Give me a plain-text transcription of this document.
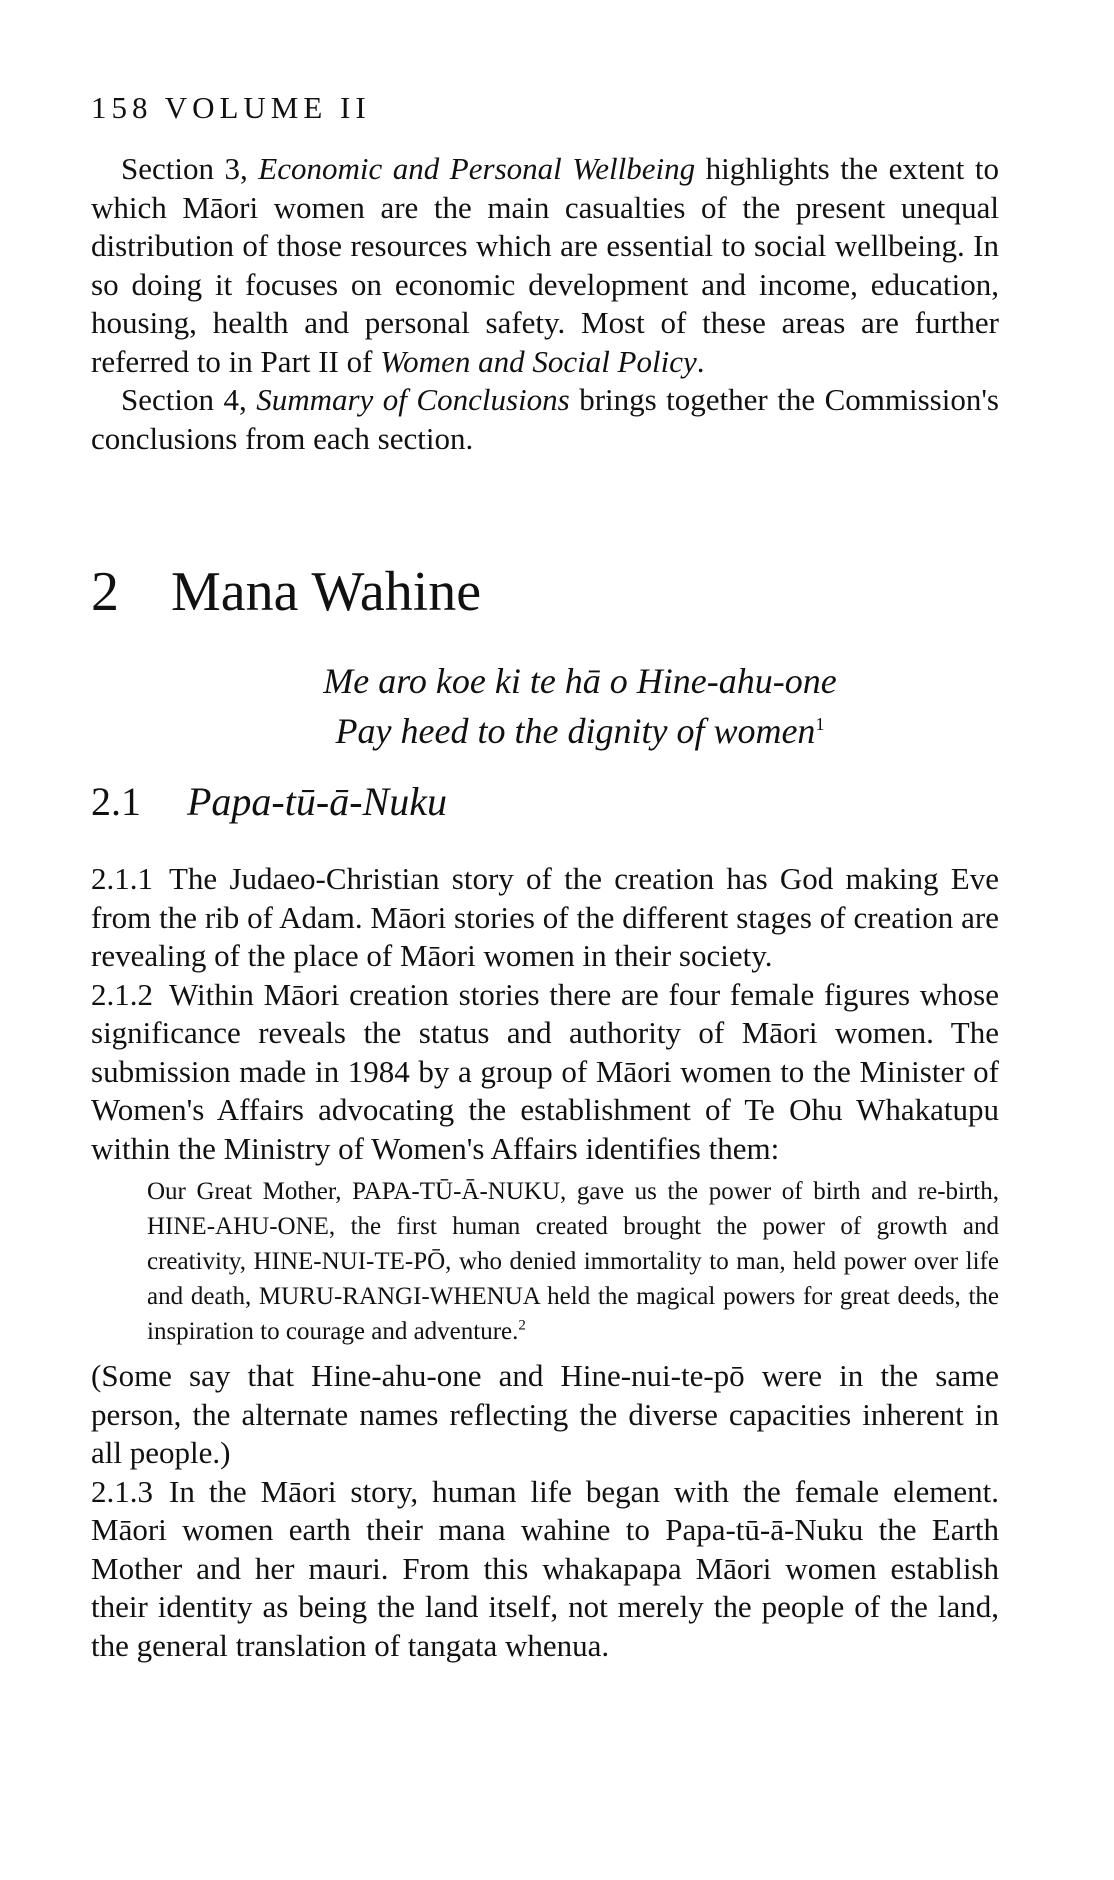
158 VOLUME II

Section 3, Economic and Personal Wellbeing highlights the extent to which Māori women are the main casualties of the present unequal distribution of those resources which are essential to social wellbeing. In so doing it focuses on economic development and income, education, housing, health and personal safety. Most of these areas are further referred to in Part II of Women and Social Policy.

Section 4, Summary of Conclusions brings together the Commission's conclusions from each section.

2 Mana Wahine
Me aro koe ki te hā o Hine-ahu-one
Pay heed to the dignity of women$^1$
2.1 Papa-tū-ā-Nuku

2.1.1 The Judaeo-Christian story of the creation has God making Eve from the rib of Adam. Māori stories of the different stages of creation are revealing of the place of Māori women in their society.

2.1.2 Within Māori creation stories there are four female figures whose significance reveals the status and authority of Māori women. The submission made in 1984 by a group of Māori women to the Minister of Women's Affairs advocating the establishment of Te Ohu Whakatupu within the Ministry of Women's Affairs identifies them:

Our Great Mother, PAPA-TŪ-Ā-NUKU, gave us the power of birth and re-birth, HINE-AHU-ONE, the first human created brought the power of growth and creativity, HINE-NUI-TE-PŌ, who denied immortality to man, held power over life and death, MURU-RANGI-WHENUA held the magical powers for great deeds, the inspiration to courage and adventure.$^2$

(Some say that Hine-ahu-one and Hine-nui-te-pō were in the same person, the alternate names reflecting the diverse capacities inherent in all people.)

2.1.3 In the Māori story, human life began with the female element. Māori women earth their mana wahine to Papa-tū-ā-Nuku the Earth Mother and her mauri. From this whakapapa Māori women establish their identity as being the land itself, not merely the people of the land, the general translation of tangata whenua.
